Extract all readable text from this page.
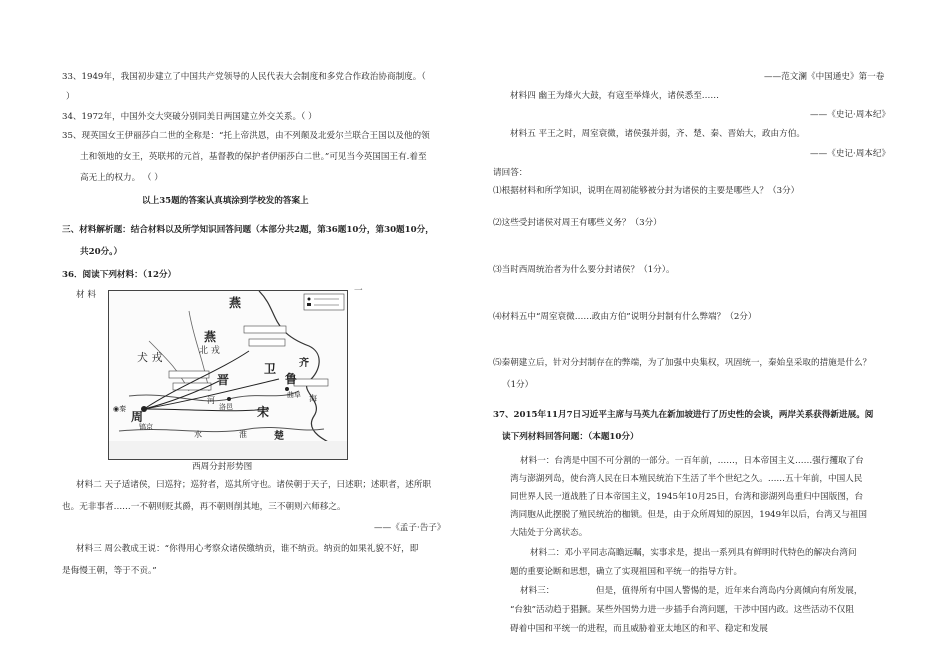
33、1949年，我国初步建立了中国共产党领导的人民代表大会制度和多党合作政治协商制度。（
）
34、1972年，中国外交大突破分别同美日两国建立外交关系。（ ）
35、现英国女王伊丽莎白二世的全称是：“托上帝洪恩，由不列颠及北爱尔兰联合王国以及他的领
土和领地的女王，英联邦的元首，基督教的保护者伊丽莎白二世。”可见当今英国国王有.着至
高无上的权力。 （ ）
以上35题的答案认真填涂到学校发的答案上
三、材料解析题：结合材料以及所学知识回答问题（本部分共2题，第36题10分，第30题10分，
共20分。）
36．阅读下列材料：（12分）
材 料	一
燕
犬 戎	北 戎
燕
晋
卫
鲁
宋
周
◉秦
镐京
洛邑
海
齐
曲阜
河
水	淮	楚
西周分封形势图
材料二 天子适诸侯，曰巡狩；巡狩者，巡其所守也。诸侯朝于天子，曰述职；述职者，述所职
也。无非事者……一不朝则贬其爵，再不朝则削其地，三不朝则六师移之。
——《孟子·告子》
材料三 周公教成王说：“你得用心考察众诸侯缴纳贡，谁不纳贡。纳贡的如果礼貌不好，即
是侮慢王朝，等于不贡。”
——范文澜《中国通史》第一卷
材料四 幽王为烽火大鼓，有寇至举烽火，诸侯悉至……
——《史记·周本纪》
材料五 平王之时，周室衰微，诸侯强并弱，齐、楚、秦、晋始大，政由方伯。
——《史记·周本纪》
请回答：
⑴根据材料和所学知识，说明在周初能够被分封为诸侯的主要是哪些人？（3分）
⑵这些受封诸侯对周王有哪些义务？（3分）
⑶当时西周统治者为什么要分封诸侯？（1分）。
⑷材料五中“周室衰微……政由方伯”说明分封制有什么弊端？（2分）
⑸秦朝建立后，针对分封制存在的弊端，为了加强中央集权，巩固统一，秦始皇采取的措施是什么？
（1分）
37、2015年11月7日习近平主席与马英九在新加坡进行了历史性的会谈，两岸关系获得新进展。阅
读下列材料回答问题：（本题10分）
材料一：台湾是中国不可分割的一部分。一百年前，……，日本帝国主义……强行攫取了台
湾与澎湖列岛，使台湾人民在日本殖民统治下生活了半个世纪之久。……五十年前，中国人民
同世界人民一道战胜了日本帝国主义，1945年10月25日，台湾和澎湖列岛重归中国版图，台
湾同胞从此摆脱了殖民统治的枷锁。但是，由于众所周知的原因，1949年以后，台湾又与祖国
大陆处于分离状态。
材料二：邓小平同志高瞻远瞩，实事求是，提出一系列具有鲜明时代特色的解决台湾问
题的重要论断和思想，确立了实现祖国和平统一的指导方针。
材料三：	但是，值得所有中国人警惕的是，近年来台湾岛内分离倾向有所发展，
“台独”活动趋于猖獗。某些外国势力进一步插手台湾问题，干涉中国内政。这些活动不仅阻
碍着中国和平统一的进程，而且威胁着亚太地区的和平、稳定和发展
